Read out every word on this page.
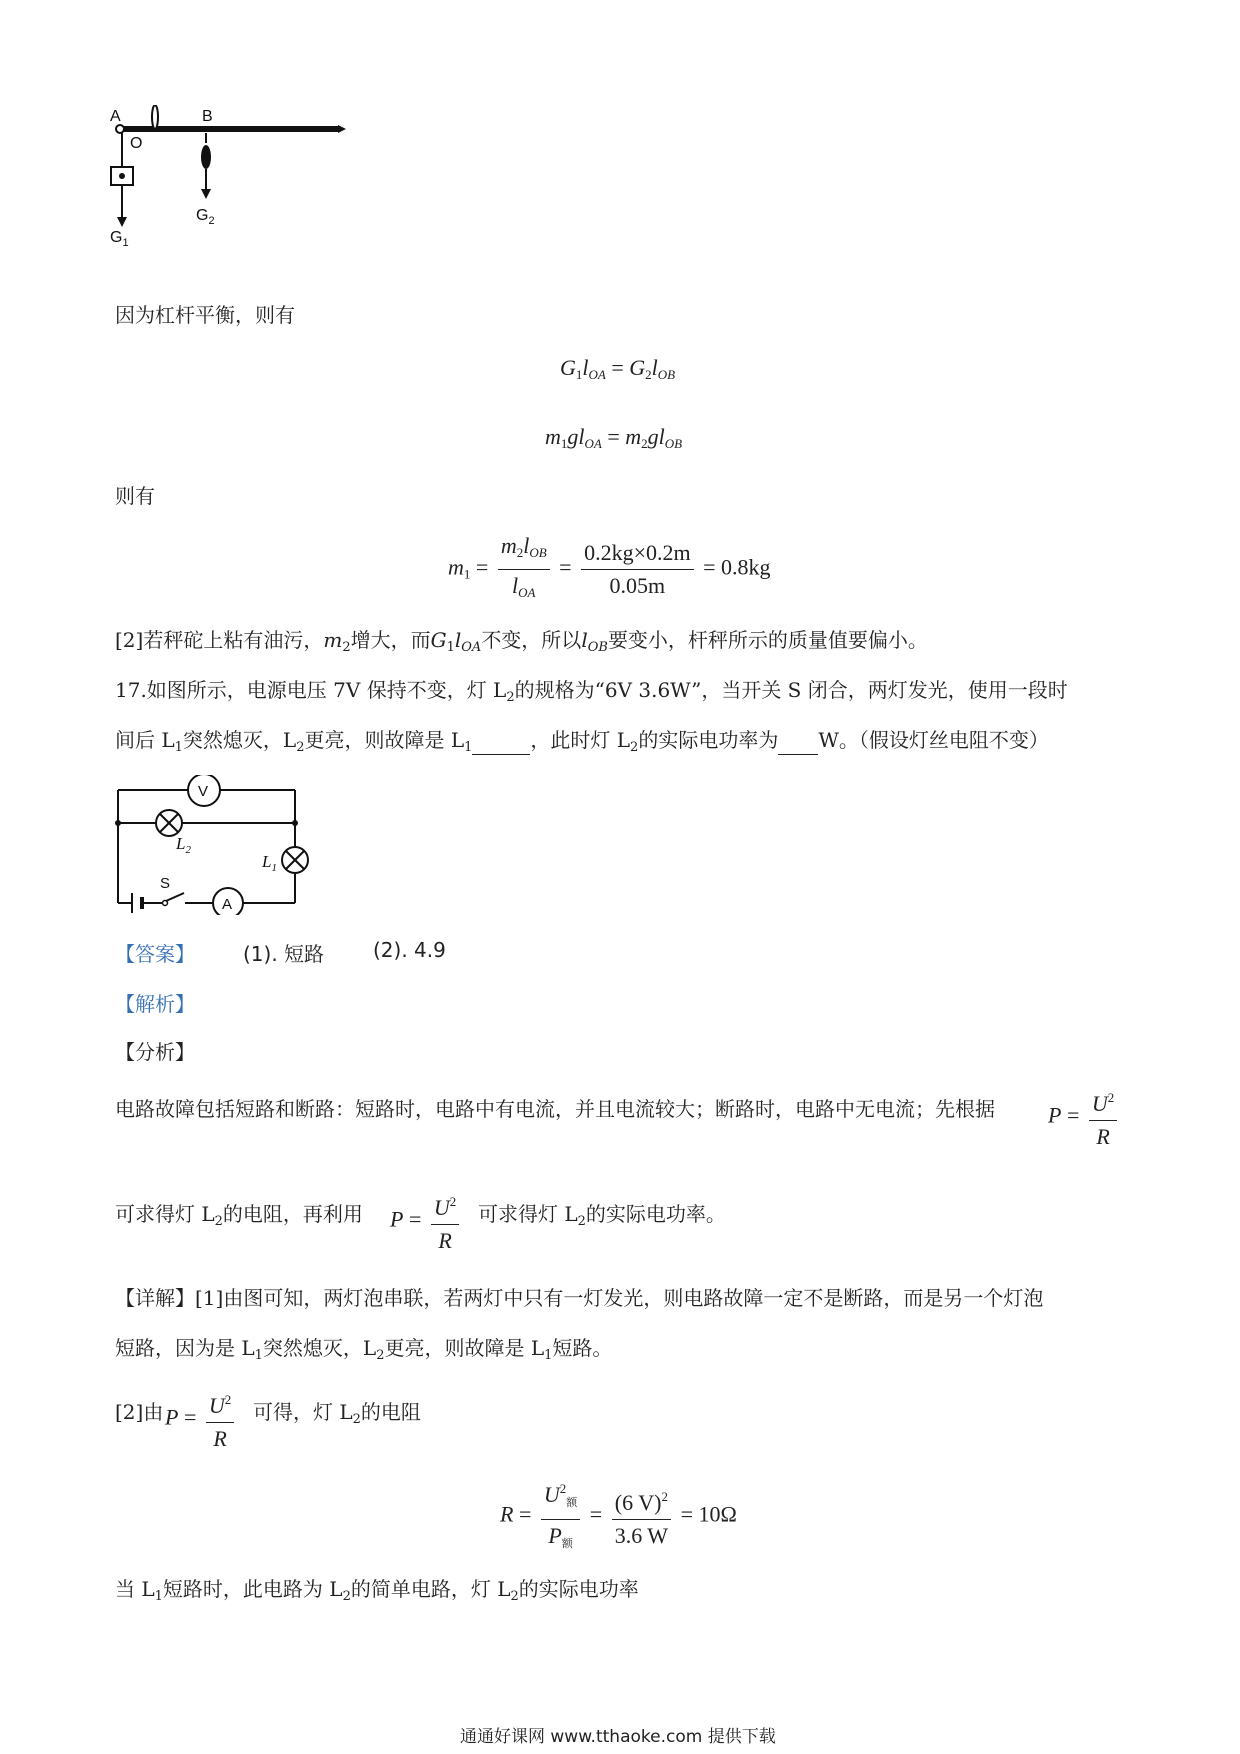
A
O
B
$G_1$
$G_2$
因为杠杆平衡，则有
$G_1l_{OA} = G_2l_{OB}$
$m_1gl_{OA} = m_2gl_{OB}$
则有
$m_1 = \frac{m_2l_{OB}}{l_{OA}} = \frac{0.2kg\times 0.2m}{0.05m} = 0.8kg$
[2]若秤砣上粘有油污，$m_2$增大，而$G_1l_{OA}$不变，所以$l_{OB}$要变小，杆秤所示的质量值要偏小。
17.如图所示，电源电压 7V 保持不变，灯 $L_2$的规格为“6V 3.6W”，当开关 S 闭合，两灯发光，使用一段时
间后 $L_1$突然熄灭，$L_2$更亮，则故障是 $L_1$	，此时灯 $L_2$的实际电功率为 W。（假设灯丝电阻不变）
V
$L_2$
$L_1$
S
A
【答案】 (1). 短路 (2). 4.9
【解析】
【分析】
电路故障包括短路和断路：短路时，电路中有电流，并且电流较大；断路时，电路中无电流；先根据 $P = \frac{U^2}{R}$
可求得灯 $L_2$的电阻，再利用 $P = \frac{U^2}{R}$ 可求得灯 $L_2$的实际电功率。
【详解】[1]由图可知，两灯泡串联，若两灯中只有一灯发光，则电路故障一定不是断路，而是另一个灯泡
短路，因为是 $L_1$突然熄灭，$L_2$更亮，则故障是 $L_1$短路。
[2]由 $P = \frac{U^2}{R}$ 可得，灯 $L_2$的电阻
$R = \frac{U^2_额}{P_额} = \frac{(6 V)^2}{3.6 W} = 10\Omega$
当 $L_1$短路时，此电路为 $L_2$的简单电路，灯 $L_2$的实际电功率
通通好课网 www.tthaoke.com 提供下载
